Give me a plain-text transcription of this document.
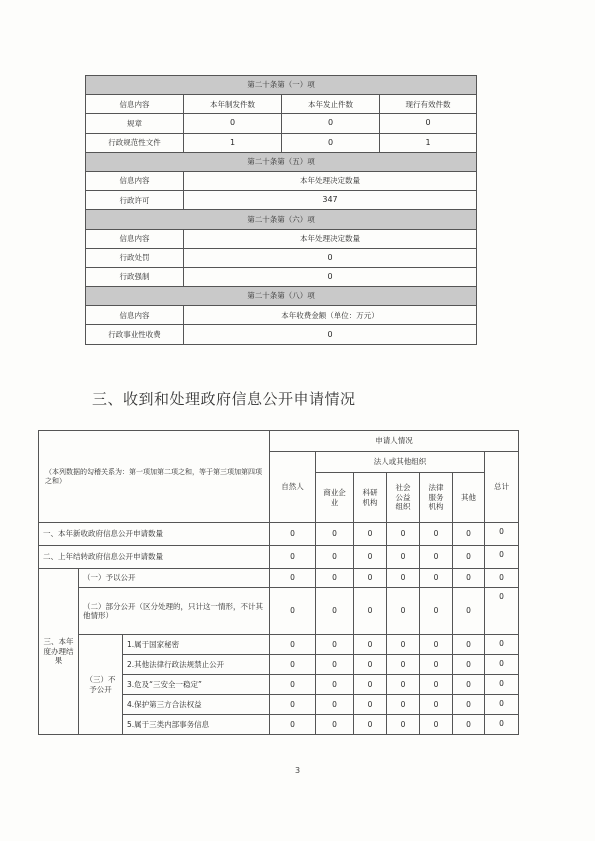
第二十条第（一）项			
信息内容	本年制发件数	本年发止件数	现行有效件数
规章	0	0	0
行政规范性文件	1	0	1
第二十条第（五）项			
信息内容	本年处理决定数量		
行政许可	347		
第二十条第（六）项			
信息内容	本年处理决定数量		
行政处罚	0		
行政强制	0		
第二十条第（八）项			
信息内容	本年收费金额（单位：万元）		
行政事业性收费	0		
三、收到和处理政府信息公开申请情况
（本列数据的勾稽关系为：第一项加第二项之和，等于第三项加第四项之和）			申请人情况						
			自然人	法人或其他组织					总计
				商业企业	科研机构	社会公益组织	法律服务机构	其他	
一、本年新收政府信息公开申请数量			0	0	0	0	0	0	0
二、上年结转政府信息公开申请数量			0	0	0	0	0	0	0
三、本年度办理结果	（一）予以公开		0	0	0	0	0	0	0
	（二）部分公开（区分处理的，只计这一情形，不计其他情形）		0	0	0	0	0	0	0
	（三）不予公开	1.属于国家秘密	0	0	0	0	0	0	0
		2.其他法律行政法规禁止公开	0	0	0	0	0	0	0
		3.危及“三安全一稳定”	0	0	0	0	0	0	0
		4.保护第三方合法权益	0	0	0	0	0	0	0
		5.属于三类内部事务信息	0	0	0	0	0	0	0
3
